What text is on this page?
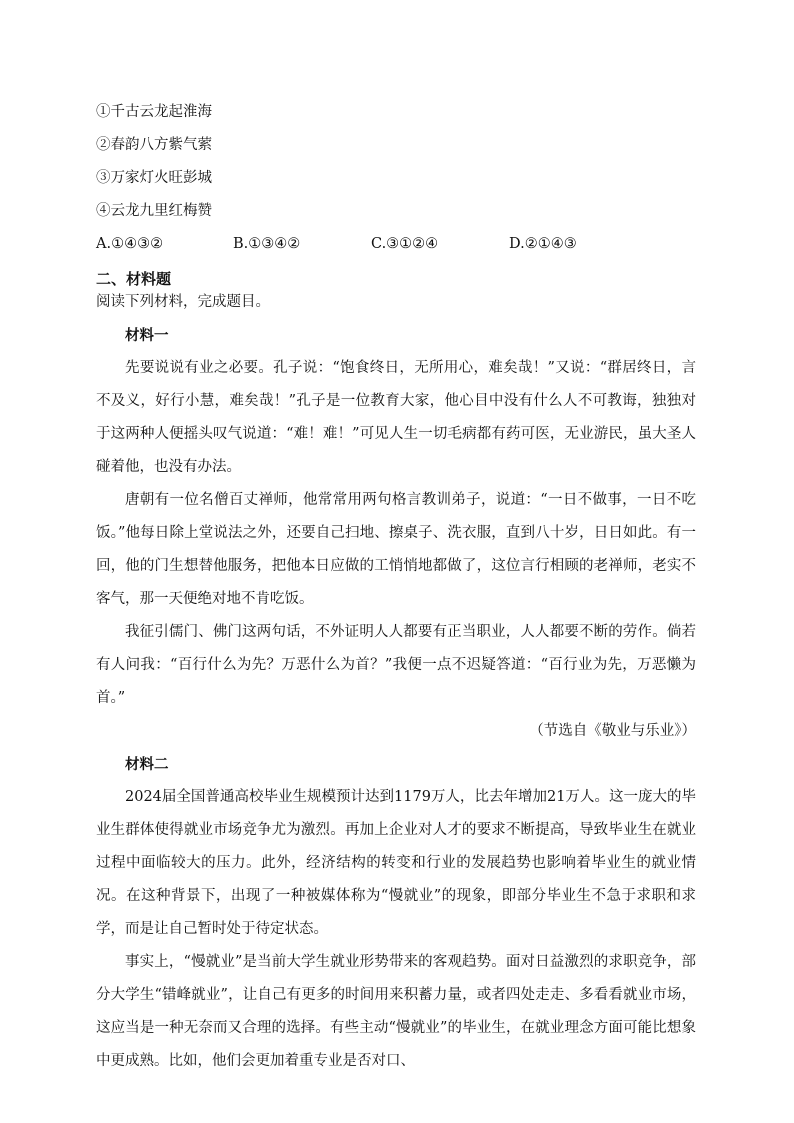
①千古云龙起淮海
②春韵八方紫气萦
③万家灯火旺彭城
④云龙九里红梅赞
A.①④③②	B.①③④②	C.③①②④	D.②①④③
二、材料题
阅读下列材料，完成题目。
材料一

先要说说有业之必要。孔子说：“饱食终日，无所用心，难矣哉！”又说：“群居终日，言不及义，好行小慧，难矣哉！”孔子是一位教育大家，他心目中没有什么人不可教诲，独独对于这两种人便摇头叹气说道：“难！难！”可见人生一切毛病都有药可医，无业游民，虽大圣人碰着他，也没有办法。

唐朝有一位名僧百丈禅师，他常常用两句格言教训弟子，说道：“一日不做事，一日不吃饭。”他每日除上堂说法之外，还要自己扫地、擦桌子、洗衣服，直到八十岁，日日如此。有一回，他的门生想替他服务，把他本日应做的工悄悄地都做了，这位言行相顾的老禅师，老实不客气，那一天便绝对地不肯吃饭。

我征引儒门、佛门这两句话，不外证明人人都要有正当职业，人人都要不断的劳作。倘若有人问我：“百行什么为先？万恶什么为首？”我便一点不迟疑答道：“百行业为先，万恶懒为首。”

（节选自《敬业与乐业》）
材料二

2024届全国普通高校毕业生规模预计达到1179万人，比去年增加21万人。这一庞大的毕业生群体使得就业市场竞争尤为激烈。再加上企业对人才的要求不断提高，导致毕业生在就业过程中面临较大的压力。此外，经济结构的转变和行业的发展趋势也影响着毕业生的就业情况。在这种背景下，出现了一种被媒体称为“慢就业”的现象，即部分毕业生不急于求职和求学，而是让自己暂时处于待定状态。

事实上，“慢就业”是当前大学生就业形势带来的客观趋势。面对日益激烈的求职竞争，部分大学生“错峰就业”，让自己有更多的时间用来积蓄力量，或者四处走走、多看看就业市场，这应当是一种无奈而又合理的选择。有些主动“慢就业”的毕业生，在就业理念方面可能比想象中更成熟。比如，他们会更加着重专业是否对口、
